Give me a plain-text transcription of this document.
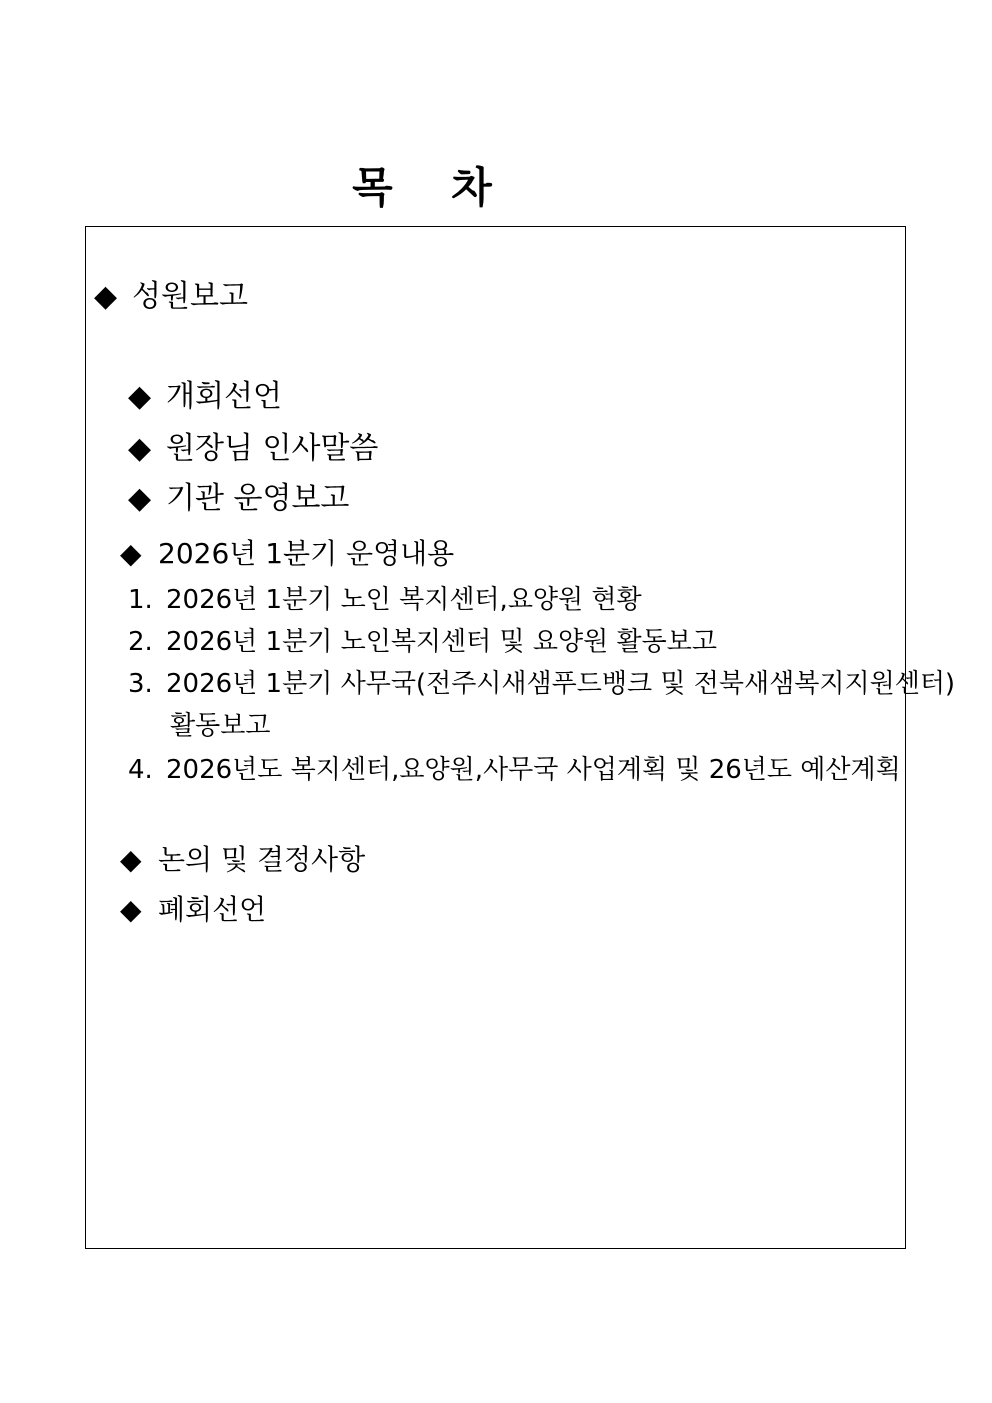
목 차
◆ 성원보고
◆ 개회선언
◆ 원장님 인사말씀
◆ 기관 운영보고
◆ 2026년 1분기 운영내용
1. 2026년 1분기 노인 복지센터,요양원 현황
2. 2026년 1분기 노인복지센터 및 요양원 활동보고
3. 2026년 1분기 사무국(전주시새샘푸드뱅크 및 전북새샘복지지원센터)
활동보고
4. 2026년도 복지센터,요양원,사무국 사업계획 및 26년도 예산계획
◆ 논의 및 결정사항
◆ 폐회선언
